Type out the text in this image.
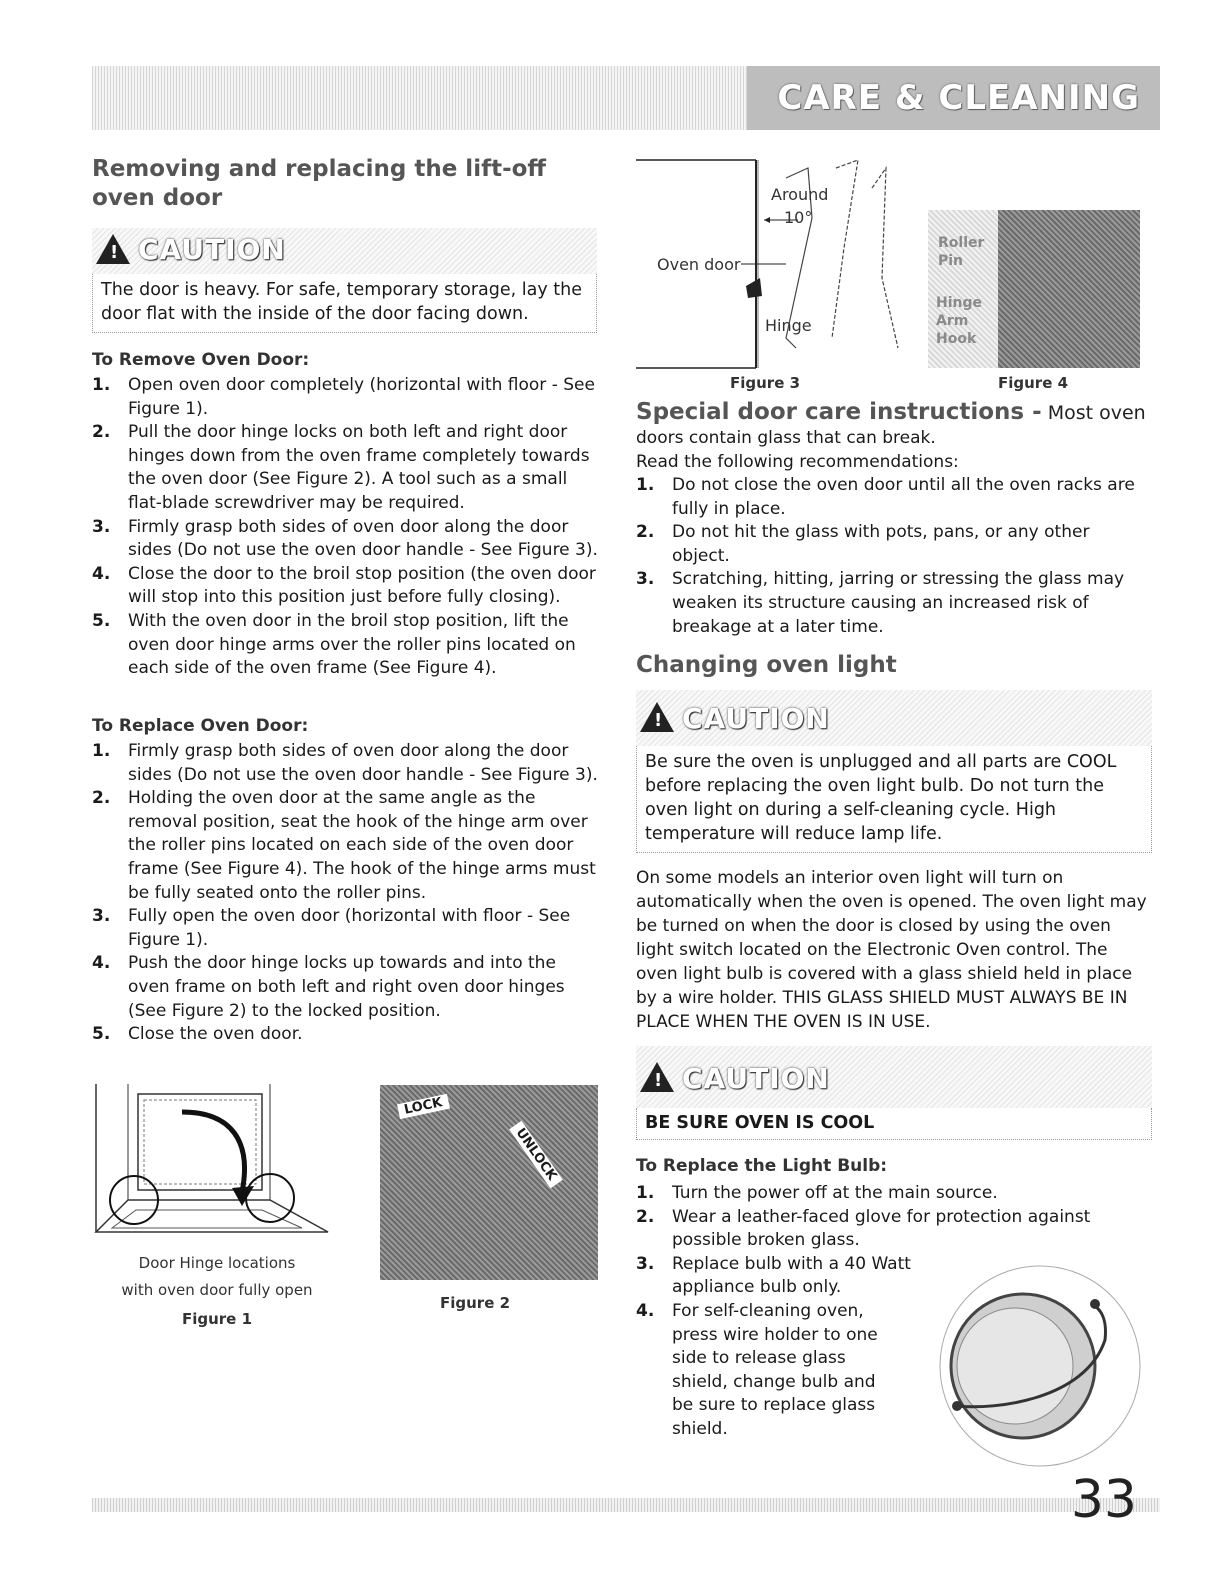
CARE & CLEANING
Removing and replacing the lift-off oven door
!
CAUTION
The door is heavy. For safe, temporary storage, lay the door flat with the inside of the door facing down.
To Remove Oven Door:
1. Open oven door completely (horizontal with floor - See Figure 1).
2. Pull the door hinge locks on both left and right door hinges down from the oven frame completely towards the oven door (See Figure 2). A tool such as a small flat-blade screwdriver may be required.
3. Firmly grasp both sides of oven door along the door sides (Do not use the oven door handle - See Figure 3).
4. Close the door to the broil stop position (the oven door will stop into this position just before fully closing).
5. With the oven door in the broil stop position, lift the oven door hinge arms over the roller pins located on each side of the oven frame (See Figure 4).
To Replace Oven Door:
1. Firmly grasp both sides of oven door along the door sides (Do not use the oven door handle - See Figure 3).
2. Holding the oven door at the same angle as the removal position, seat the hook of the hinge arm over the roller pins located on each side of the oven door frame (See Figure 4). The hook of the hinge arms must be fully seated onto the roller pins.
3. Fully open the oven door (horizontal with floor - See Figure 1).
4. Push the door hinge locks up towards and into the oven frame on both left and right oven door hinges (See Figure 2) to the locked position.
5. Close the oven door.
Door Hinge locations
with oven door fully open
Figure 1
LOCK
UNLOCK
Figure 2
Around
10°
Oven door
Hinge
Figure 3
Roller
Pin
Hinge
Arm
Hook
Figure 4
Special door care instructions - Most oven
doors contain glass that can break.
Read the following recommendations:
1. Do not close the oven door until all the oven racks are fully in place.
2. Do not hit the glass with pots, pans, or any other object.
3. Scratching, hitting, jarring or stressing the glass may weaken its structure causing an increased risk of breakage at a later time.
Changing oven light
!
CAUTION
Be sure the oven is unplugged and all parts are COOL before replacing the oven light bulb. Do not turn the oven light on during a self-cleaning cycle. High temperature will reduce lamp life.

On some models an interior oven light will turn on automatically when the oven is opened. The oven light may be turned on when the door is closed by using the oven light switch located on the Electronic Oven control. The oven light bulb is covered with a glass shield held in place by a wire holder. THIS GLASS SHIELD MUST ALWAYS BE IN PLACE WHEN THE OVEN IS IN USE.

!
CAUTION
BE SURE OVEN IS COOL
To Replace the Light Bulb:
1. Turn the power off at the main source.
2. Wear a leather-faced glove for protection against possible broken glass.
3. Replace bulb with a 40 Watt appliance bulb only.
4. For self-cleaning oven, press wire holder to one side to release glass shield, change bulb and be sure to replace glass shield.
33
